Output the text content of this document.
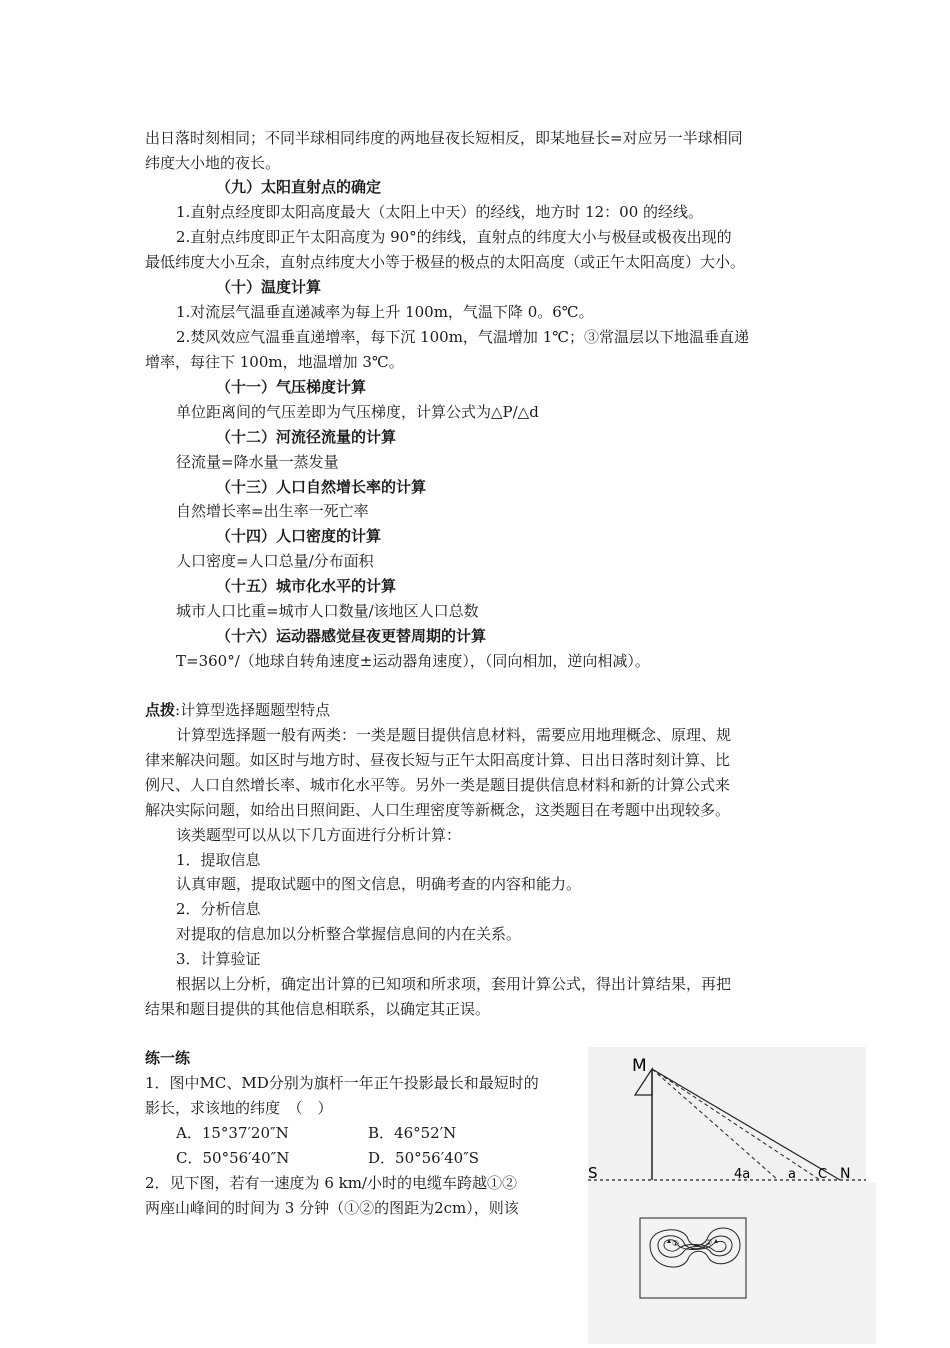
出日落时刻相同；不同半球相同纬度的两地昼夜长短相反，即某地昼长=对应另一半球相同
纬度大小地的夜长。
（九）太阳直射点的确定
1.直射点经度即太阳高度最大（太阳上中天）的经线，地方时 12：00 的经线。
2.直射点纬度即正午太阳高度为 90°的纬线，直射点的纬度大小与极昼或极夜出现的
最低纬度大小互余，直射点纬度大小等于极昼的极点的太阳高度（或正午太阳高度）大小。
（十）温度计算
1.对流层气温垂直递减率为每上升 100m，气温下降 0。6℃。
2.焚风效应气温垂直递增率，每下沉 100m，气温增加 1℃；③常温层以下地温垂直递
增率，每往下 100m，地温增加 3℃。
（十一）气压梯度计算
单位距离间的气压差即为气压梯度，计算公式为△P/△d
（十二）河流径流量的计算
径流量=降水量一蒸发量
（十三）人口自然增长率的计算
自然增长率=出生率一死亡率
（十四）人口密度的计算
人口密度=人口总量/分布面积
（十五）城市化水平的计算
城市人口比重=城市人口数量/该地区人口总数
（十六）运动器感觉昼夜更替周期的计算
T=360°/（地球自转角速度±运动器角速度），（同向相加，逆向相减）。
点拨:计算型选择题题型特点
计算型选择题一般有两类：一类是题目提供信息材料，需要应用地理概念、原理、规
律来解决问题。如区时与地方时、昼夜长短与正午太阳高度计算、日出日落时刻计算、比
例尺、人口自然增长率、城市化水平等。另外一类是题目提供信息材料和新的计算公式来
解决实际问题，如给出日照间距、人口生理密度等新概念，这类题目在考题中出现较多。
该类题型可以从以下几方面进行分析计算：
1．提取信息
认真审题，提取试题中的图文信息，明确考查的内容和能力。
2．分析信息
对提取的信息加以分析整合掌握信息间的内在关系。
3．计算验证
根据以上分析，确定出计算的已知项和所求项，套用计算公式，得出计算结果，再把
结果和题目提供的其他信息相联系，以确定其正误。
练一练
1．图中MC、MD分别为旗杆一年正午投影最长和最短时的
影长，求该地的纬度　（　）
A．15°37′20″N	B．46°52′N
C．50°56′40″N	D．50°56′40″S
2．见下图，若有一速度为 6 km/小时的电缆车跨越①②
两座山峰间的时间为 3 分钟（①②的图距为2cm），则该
M
S	4a	a C N
①	②
